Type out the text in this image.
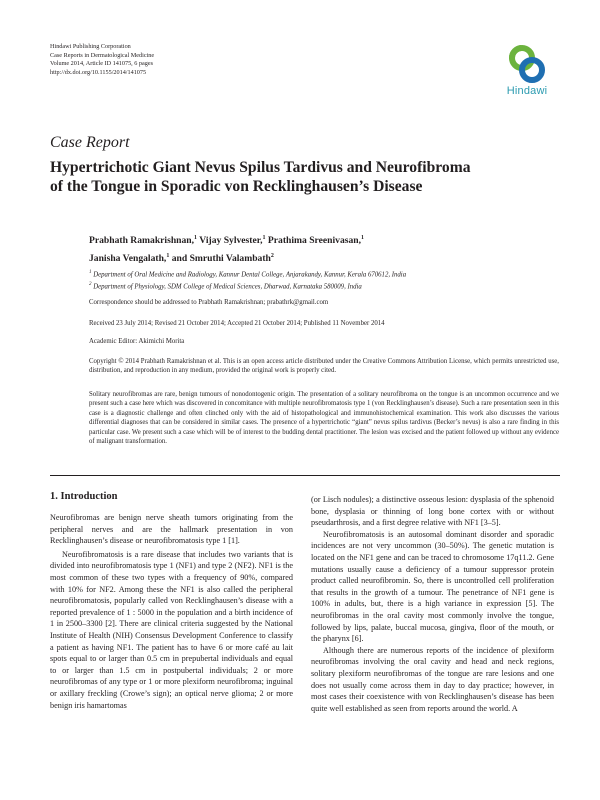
Hindawi Publishing Corporation
Case Reports in Dermatological Medicine
Volume 2014, Article ID 141075, 6 pages
http://dx.doi.org/10.1155/2014/141075
Hindawi
Case Report
Hypertrichotic Giant Nevus Spilus Tardivus and Neurofibroma
of the Tongue in Sporadic von Recklinghausen’s Disease
Prabhath Ramakrishnan,$^1$ Vijay Sylvester,$^1$ Prathima Sreenivasan,$^1$
Janisha Vengalath,$^1$ and Smruthi Valambath$^2$
$^1$ Department of Oral Medicine and Radiology, Kannur Dental College, Anjarakandy, Kannur, Kerala 670612, India
$^2$ Department of Physiology, SDM College of Medical Sciences, Dharwad, Karnataka 580009, India
Correspondence should be addressed to Prabhath Ramakrishnan; prabathrk@gmail.com
Received 23 July 2014; Revised 21 October 2014; Accepted 21 October 2014; Published 11 November 2014
Academic Editor: Akimichi Morita
Copyright © 2014 Prabhath Ramakrishnan et al. This is an open access article distributed under the Creative Commons Attribution License, which permits unrestricted use, distribution, and reproduction in any medium, provided the original work is properly cited.
Solitary neurofibromas are rare, benign tumours of nonodontogenic origin. The presentation of a solitary neurofibroma on the tongue is an uncommon occurrence and we present such a case here which was discovered in concomitance with multiple neurofibromatosis type 1 (von Recklinghausen’s disease). Such a rare presentation seen in this case is a diagnostic challenge and often clinched only with the aid of histopathological and immunohistochemical examination. This work also discusses the various differential diagnoses that can be considered in similar cases. The presence of a hypertrichotic “giant” nevus spilus tardivus (Becker’s nevus) is also a rare finding in this particular case. We present such a case which will be of interest to the budding dental practitioner. The lesion was excised and the patient followed up without any evidence of malignant transformation.
1. Introduction

Neurofibromas are benign nerve sheath tumors originating from the peripheral nerves and are the hallmark presentation in von Recklinghausen’s disease or neurofibromatosis type 1 [1].

Neurofibromatosis is a rare disease that includes two variants that is divided into neurofibromatosis type 1 (NF1) and type 2 (NF2). NF1 is the most common of these two types with a frequency of 90%, compared with 10% for NF2. Among these the NF1 is also called the peripheral neurofibromatosis, popularly called von Recklinghausen’s disease with a reported prevalence of 1 : 5000 in the population and a birth incidence of 1 in 2500–3300 [2]. There are clinical criteria suggested by the National Institute of Health (NIH) Consensus Development Conference to classify a patient as having NF1. The patient has to have 6 or more café au lait spots equal to or larger than 0.5 cm in prepubertal individuals and equal to or larger than 1.5 cm in postpubertal individuals; 2 or more neurofibromas of any type or 1 or more plexiform neurofibroma; inguinal or axillary freckling (Crowe’s sign); an optical nerve glioma; 2 or more benign iris hamartomas

(or Lisch nodules); a distinctive osseous lesion: dysplasia of the sphenoid bone, dysplasia or thinning of long bone cortex with or without pseudarthrosis, and a first degree relative with NF1 [3–5].

Neurofibromatosis is an autosomal dominant disorder and sporadic incidences are not very uncommon (30–50%). The genetic mutation is located on the NF1 gene and can be traced to chromosome 17q11.2. Gene mutations usually cause a deficiency of a tumour suppressor protein product called neurofibromin. So, there is uncontrolled cell proliferation that results in the growth of a tumour. The penetrance of NF1 gene is 100% in adults, but, there is a high variance in expression [5]. The neurofibromas in the oral cavity most commonly involve the tongue, followed by lips, palate, buccal mucosa, gingiva, floor of the mouth, or the pharynx [6].

Although there are numerous reports of the incidence of plexiform neurofibromas involving the oral cavity and head and neck regions, solitary plexiform neurofibromas of the tongue are rare lesions and one does not usually come across them in day to day practice; however, in most cases their coexistence with von Recklinghausen’s disease has been quite well established as seen from reports around the world. A
